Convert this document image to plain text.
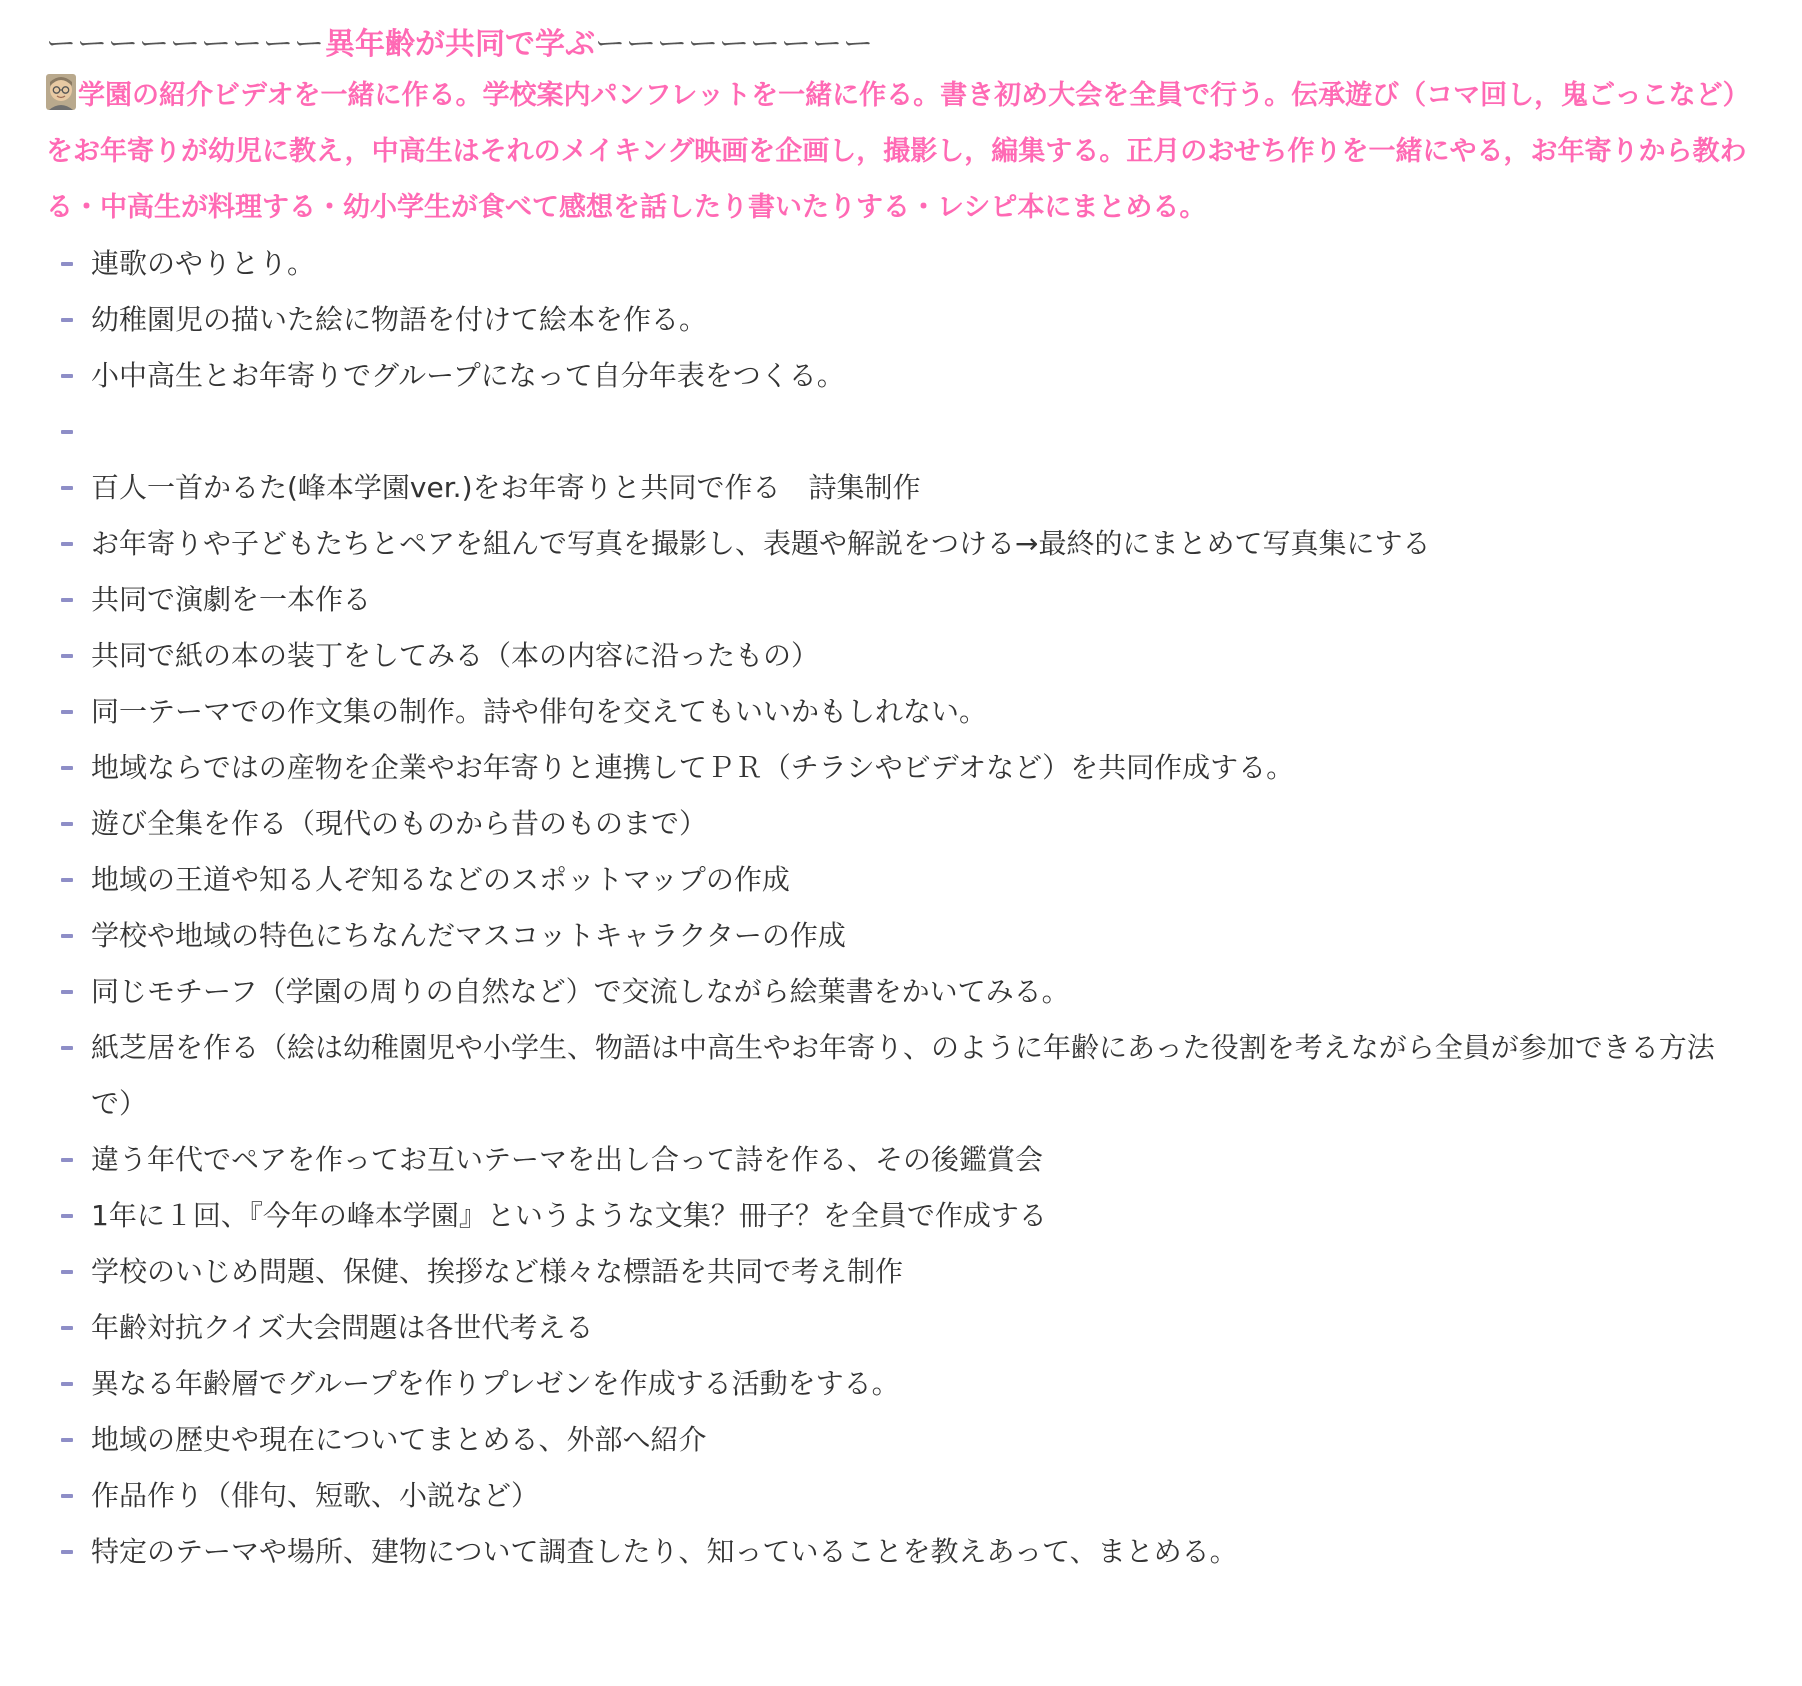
ーーーーーーーーー異年齢が共同で学ぶーーーーーーーーー
学園の紹介ビデオを一緒に作る。学校案内パンフレットを一緒に作る。書き初め大会を全員で行う。伝承遊び（コマ回し，鬼ごっこなど）をお年寄りが幼児に教え，中高生はそれのメイキング映画を企画し，撮影し，編集する。正月のおせち作りを一緒にやる，お年寄りから教わる・中高生が料理する・幼小学生が食べて感想を話したり書いたりする・レシピ本にまとめる。
連歌のやりとり。
幼稚園児の描いた絵に物語を付けて絵本を作る。
小中高生とお年寄りでグループになって自分年表をつくる。
百人一首かるた(峰本学園ver.)をお年寄りと共同で作る　詩集制作
お年寄りや子どもたちとペアを組んで写真を撮影し、表題や解説をつける→最終的にまとめて写真集にする
共同で演劇を一本作る
共同で紙の本の装丁をしてみる（本の内容に沿ったもの）
同一テーマでの作文集の制作。詩や俳句を交えてもいいかもしれない。
地域ならではの産物を企業やお年寄りと連携してＰＲ（チラシやビデオなど）を共同作成する。
遊び全集を作る（現代のものから昔のものまで）
地域の王道や知る人ぞ知るなどのスポットマップの作成
学校や地域の特色にちなんだマスコットキャラクターの作成
同じモチーフ（学園の周りの自然など）で交流しながら絵葉書をかいてみる。
紙芝居を作る（絵は幼稚園児や小学生、物語は中高生やお年寄り、のように年齢にあった役割を考えながら全員が参加できる方法で）
違う年代でペアを作ってお互いテーマを出し合って詩を作る、その後鑑賞会
1年に１回、『今年の峰本学園』というような文集？冊子？を全員で作成する
学校のいじめ問題、保健、挨拶など様々な標語を共同で考え制作
年齢対抗クイズ大会問題は各世代考える
異なる年齢層でグループを作りプレゼンを作成する活動をする。
地域の歴史や現在についてまとめる、外部へ紹介
作品作り（俳句、短歌、小説など）
特定のテーマや場所、建物について調査したり、知っていることを教えあって、まとめる。
